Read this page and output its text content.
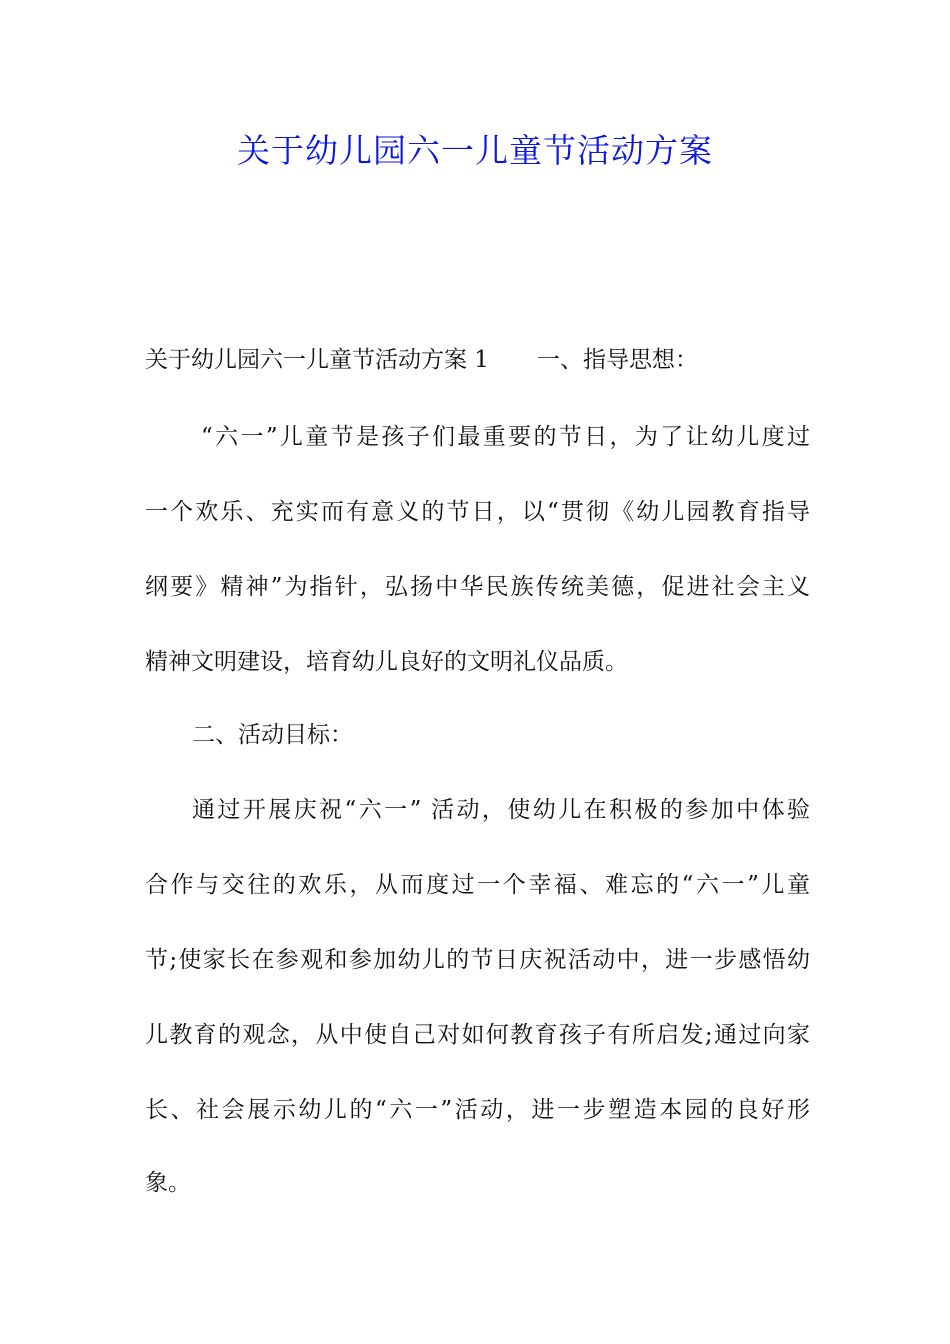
关于幼儿园六一儿童节活动方案
关于幼儿园六一儿童节活动方案 1 一、指导思想：
“六一”儿童节是孩子们最重要的节日，为了让幼儿度过
一个欢乐、充实而有意义的节日，以“贯彻《幼儿园教育指导
纲要》精神”为指针，弘扬中华民族传统美德，促进社会主义
精神文明建设，培育幼儿良好的文明礼仪品质。
二、活动目标：
通过开展庆祝“六一” 活动，使幼儿在积极的参加中体验
合作与交往的欢乐，从而度过一个幸福、难忘的“六一”儿童
节;使家长在参观和参加幼儿的节日庆祝活动中，进一步感悟幼
儿教育的观念，从中使自己对如何教育孩子有所启发;通过向家
长、社会展示幼儿的“六一”活动，进一步塑造本园的良好形
象。
